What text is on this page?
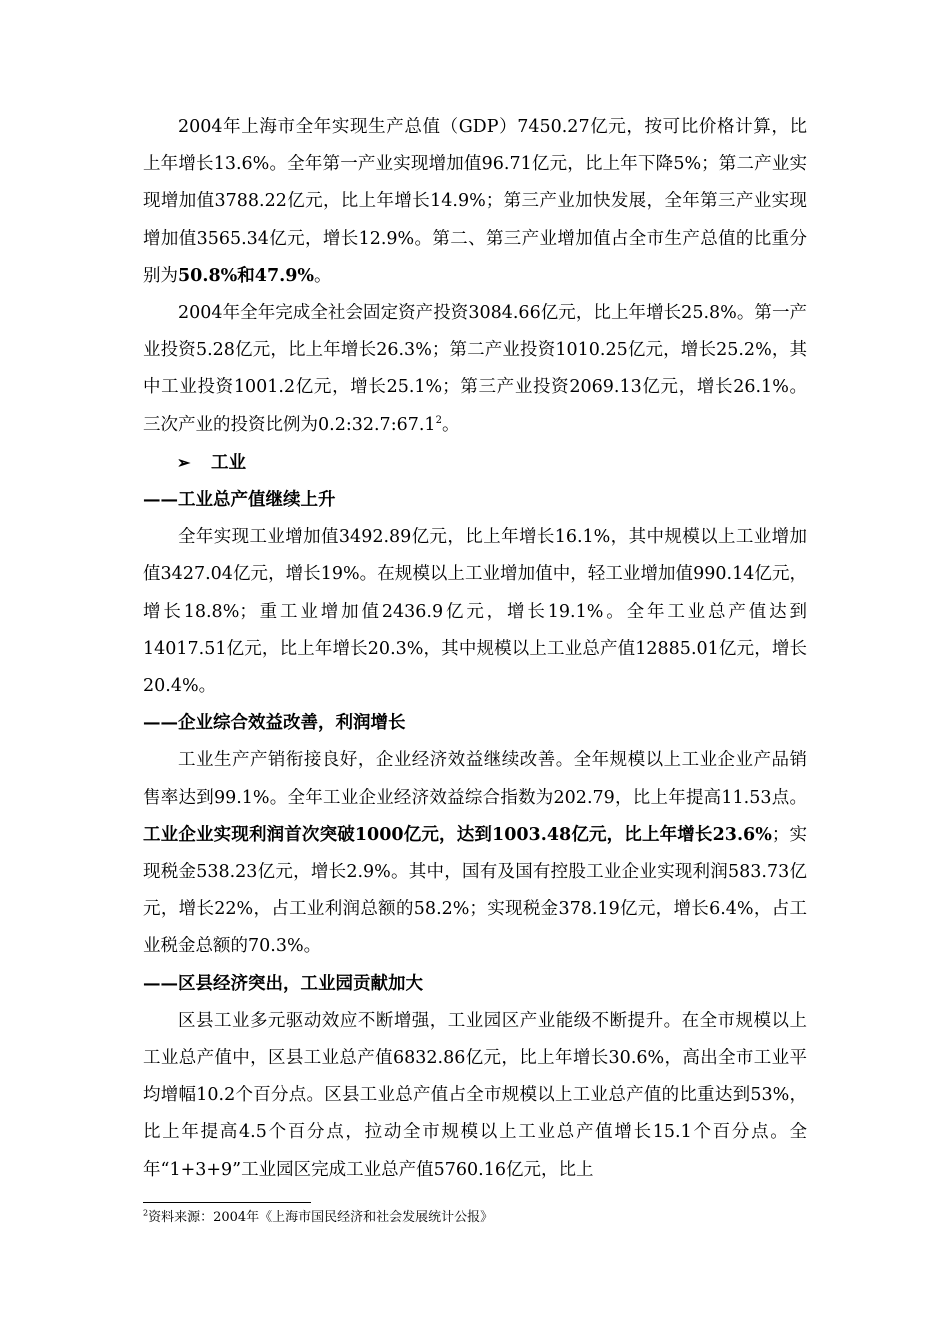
2004年上海市全年实现生产总值（GDP）7450.27亿元，按可比价格计算，比上年增长13.6%。全年第一产业实现增加值96.71亿元，比上年下降5%；第二产业实现增加值3788.22亿元，比上年增长14.9%；第三产业加快发展，全年第三产业实现增加值3565.34亿元，增长12.9%。第二、第三产业增加值占全市生产总值的比重分别为50.8%和47.9%。

2004年全年完成全社会固定资产投资3084.66亿元，比上年增长25.8%。第一产业投资5.28亿元，比上年增长26.3%；第二产业投资1010.25亿元，增长25.2%，其中工业投资1001.2亿元，增长25.1%；第三产业投资2069.13亿元，增长26.1%。三次产业的投资比例为0.2:32.7:67.1$^2$。

➢ 工业

——工业总产值继续上升

全年实现工业增加值3492.89亿元，比上年增长16.1%，其中规模以上工业增加值3427.04亿元，增长19%。在规模以上工业增加值中，轻工业增加值990.14亿元，增长18.8%；重工业增加值2436.9亿元，增长19.1%。全年工业总产值达到14017.51亿元，比上年增长20.3%，其中规模以上工业总产值12885.01亿元，增长20.4%。

——企业综合效益改善，利润增长

工业生产产销衔接良好，企业经济效益继续改善。全年规模以上工业企业产品销售率达到99.1%。全年工业企业经济效益综合指数为202.79，比上年提高11.53点。工业企业实现利润首次突破1000亿元，达到1003.48亿元，比上年增长23.6%；实现税金538.23亿元，增长2.9%。其中，国有及国有控股工业企业实现利润583.73亿元，增长22%，占工业利润总额的58.2%；实现税金378.19亿元，增长6.4%，占工业税金总额的70.3%。

——区县经济突出，工业园贡献加大

区县工业多元驱动效应不断增强，工业园区产业能级不断提升。在全市规模以上工业总产值中，区县工业总产值6832.86亿元，比上年增长30.6%，高出全市工业平均增幅10.2个百分点。区县工业总产值占全市规模以上工业总产值的比重达到53%，比上年提高4.5个百分点，拉动全市规模以上工业总产值增长15.1个百分点。全年“1+3+9”工业园区完成工业总产值5760.16亿元，比上

$^2$资料来源：2004年《上海市国民经济和社会发展统计公报》
